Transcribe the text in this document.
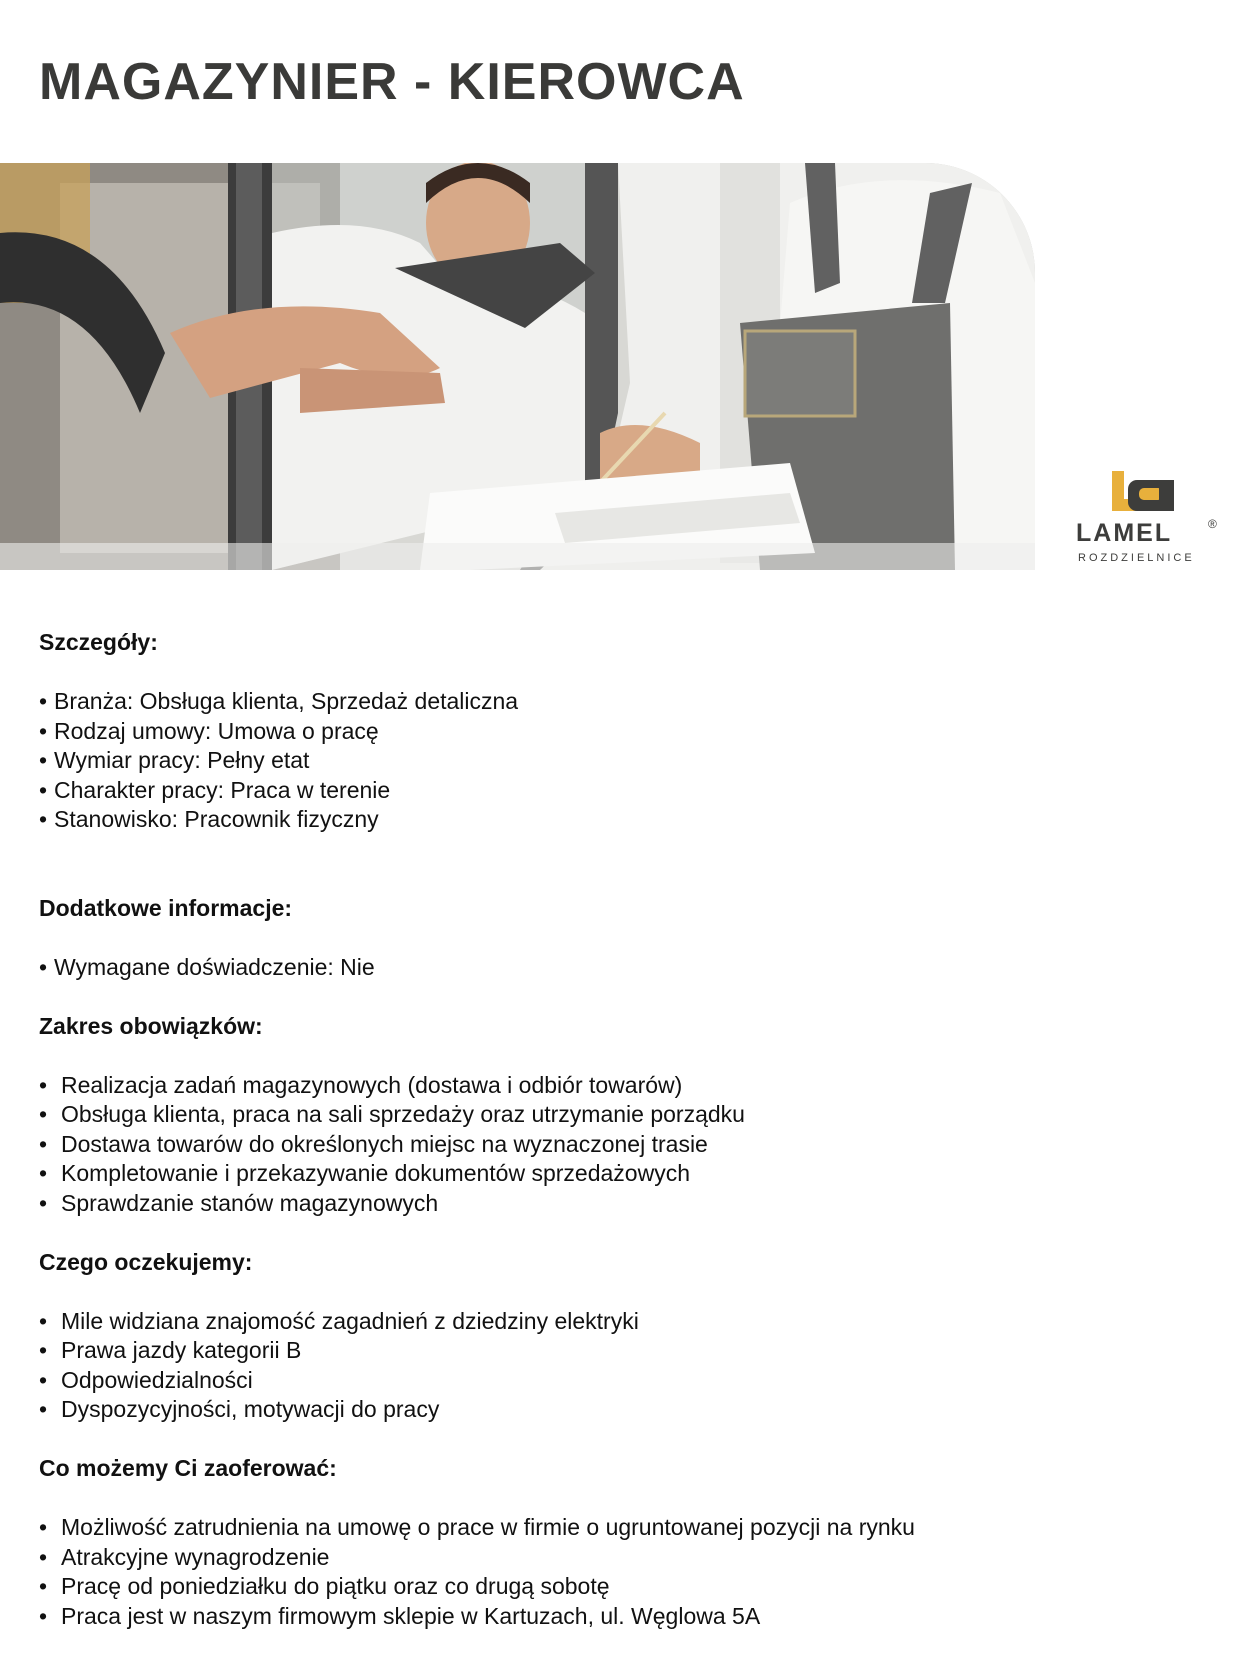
MAGAZYNIER - KIEROWCA
LAMEL	®
ROZDZIELNICE
Szczegóły:
• Branża: Obsługa klienta, Sprzedaż detaliczna
• Rodzaj umowy: Umowa o pracę
• Wymiar pracy: Pełny etat
• Charakter pracy: Praca w terenie
• Stanowisko: Pracownik fizyczny
Dodatkowe informacje:
• Wymagane doświadczenie: Nie
Zakres obowiązków:
• Realizacja zadań magazynowych (dostawa i odbiór towarów)
• Obsługa klienta, praca na sali sprzedaży oraz utrzymanie porządku
• Dostawa towarów do określonych miejsc na wyznaczonej trasie
• Kompletowanie i przekazywanie dokumentów sprzedażowych
• Sprawdzanie stanów magazynowych
Czego oczekujemy:
• Mile widziana znajomość zagadnień z dziedziny elektryki
• Prawa jazdy kategorii B
• Odpowiedzialności
• Dyspozycyjności, motywacji do pracy
Co możemy Ci zaoferować:
• Możliwość zatrudnienia na umowę o prace w firmie o ugruntowanej pozycji na rynku
• Atrakcyjne wynagrodzenie
• Pracę od poniedziałku do piątku oraz co drugą sobotę
• Praca jest w naszym firmowym sklepie w Kartuzach, ul. Węglowa 5A
